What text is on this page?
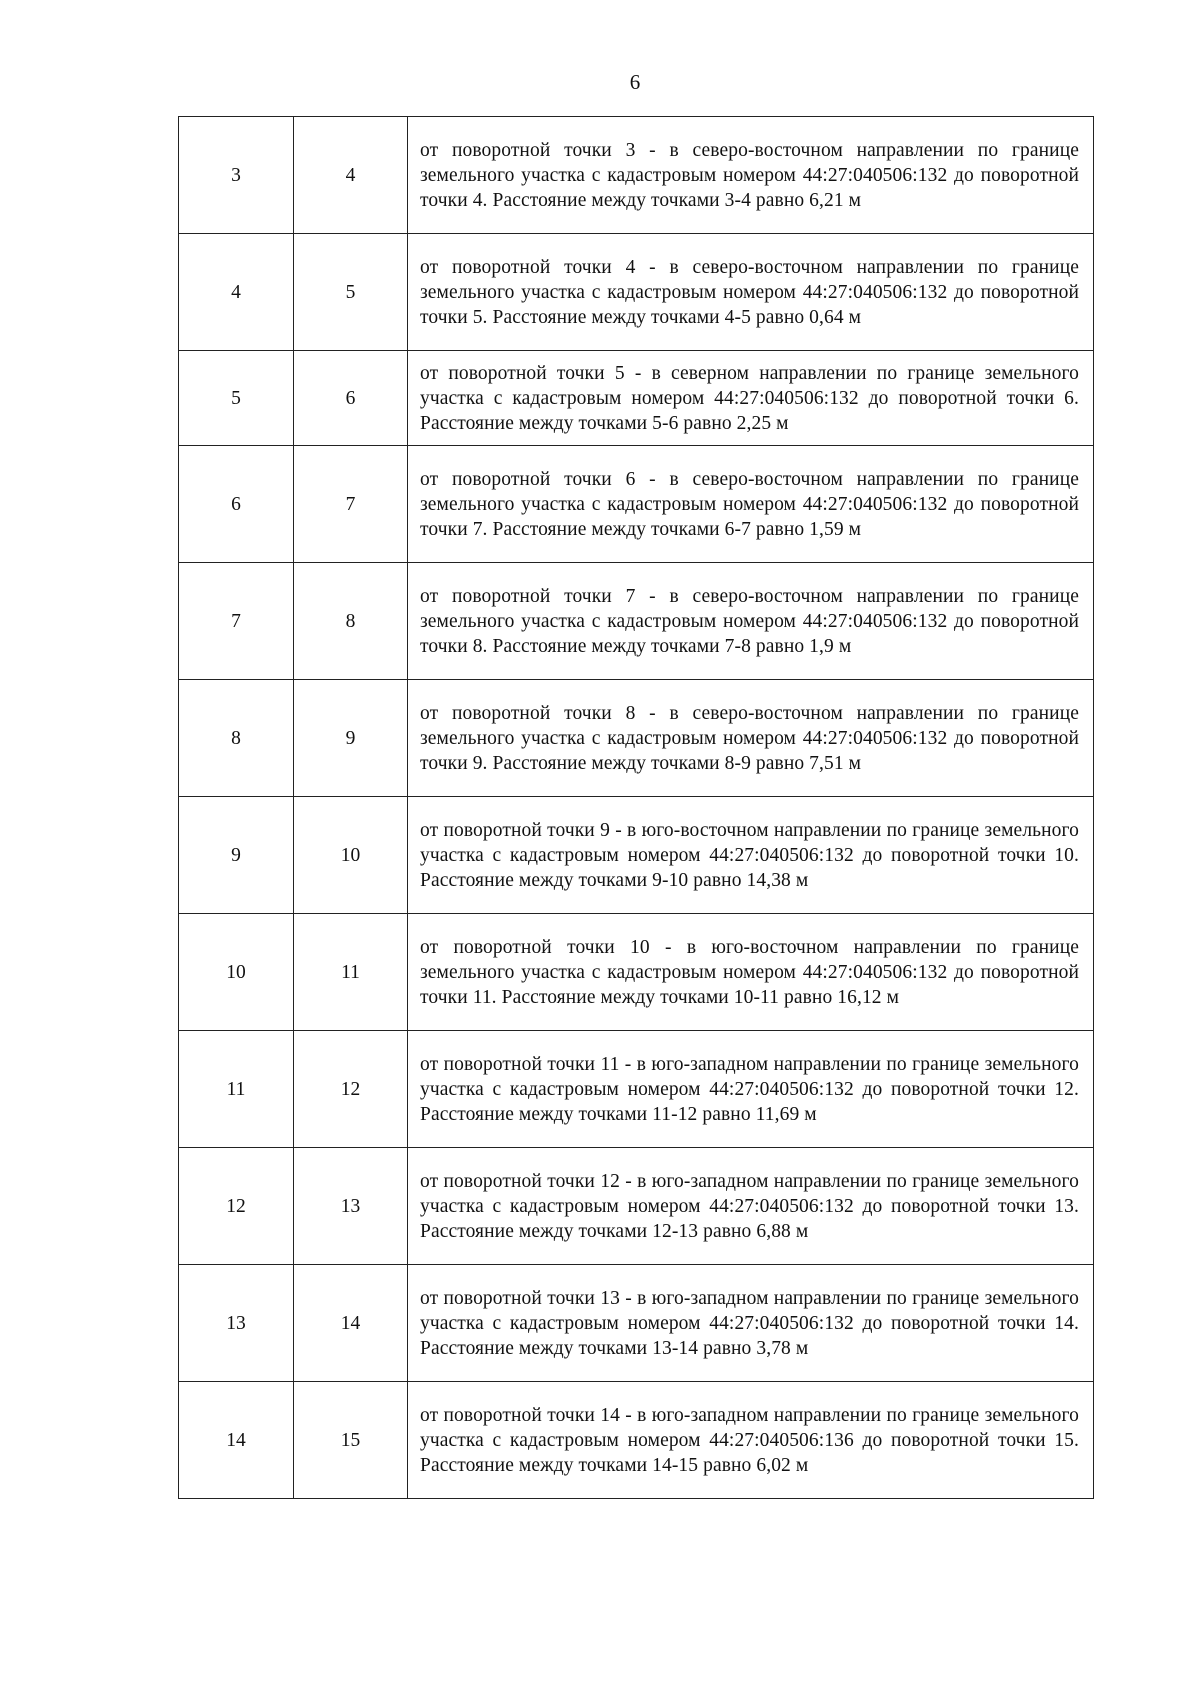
6
3	4	от поворотной точки 3 - в северо-восточном направлении по границе земельного участка с кадастровым номером 44:27:040506:132 до поворотной точки 4. Расстояние между точками 3-4 равно 6,21 м
4	5	от поворотной точки 4 - в северо-восточном направлении по границе земельного участка с кадастровым номером 44:27:040506:132 до поворотной точки 5. Расстояние между точками 4-5 равно 0,64 м
5	6	от поворотной точки 5 - в северном направлении по границе земельного участка с кадастровым номером 44:27:040506:132 до поворотной точки 6. Расстояние между точками 5-6 равно 2,25 м
6	7	от поворотной точки 6 - в северо-восточном направлении по границе земельного участка с кадастровым номером 44:27:040506:132 до поворотной точки 7. Расстояние между точками 6-7 равно 1,59 м
7	8	от поворотной точки 7 - в северо-восточном направлении по границе земельного участка с кадастровым номером 44:27:040506:132 до поворотной точки 8. Расстояние между точками 7-8 равно 1,9 м
8	9	от поворотной точки 8 - в северо-восточном направлении по границе земельного участка с кадастровым номером 44:27:040506:132 до поворотной точки 9. Расстояние между точками 8-9 равно 7,51 м
9	10	от поворотной точки 9 - в юго-восточном направлении по границе земельного участка с кадастровым номером 44:27:040506:132 до поворотной точки 10. Расстояние между точками 9-10 равно 14,38 м
10	11	от поворотной точки 10 - в юго-восточном направлении по границе земельного участка с кадастровым номером 44:27:040506:132 до поворотной точки 11. Расстояние между точками 10-11 равно 16,12 м
11	12	от поворотной точки 11 - в юго-западном направлении по границе земельного участка с кадастровым номером 44:27:040506:132 до поворотной точки 12. Расстояние между точками 11-12 равно 11,69 м
12	13	от поворотной точки 12 - в юго-западном направлении по границе земельного участка с кадастровым номером 44:27:040506:132 до поворотной точки 13. Расстояние между точками 12-13 равно 6,88 м
13	14	от поворотной точки 13 - в юго-западном направлении по границе земельного участка с кадастровым номером 44:27:040506:132 до поворотной точки 14. Расстояние между точками 13-14 равно 3,78 м
14	15	от поворотной точки 14 - в юго-западном направлении по границе земельного участка с кадастровым номером 44:27:040506:136 до поворотной точки 15. Расстояние между точками 14-15 равно 6,02 м
